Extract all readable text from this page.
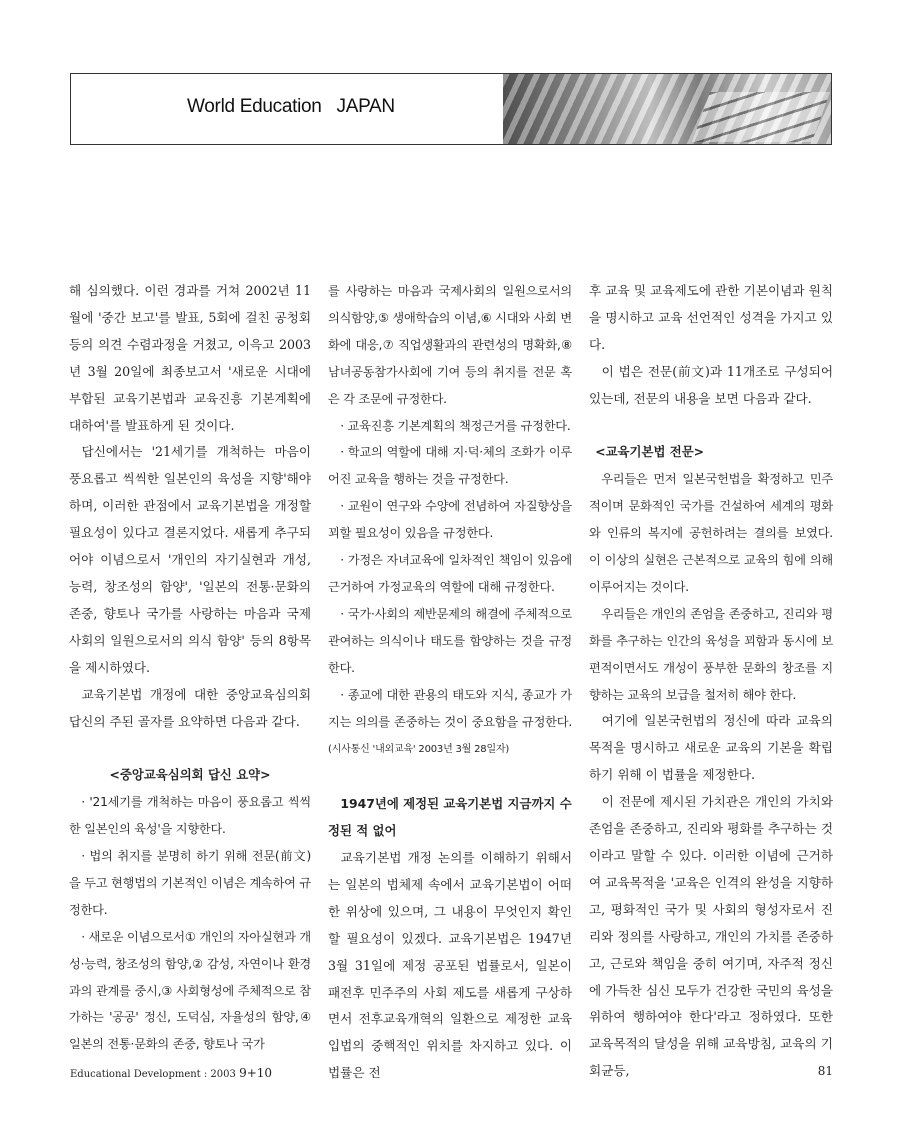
World Education   JAPAN

해 심의했다. 이런 경과를 거쳐 2002년 11월에 '중간 보고'를 발표, 5회에 걸친 공청회 등의 의견 수렴과정을 거쳤고, 이윽고 2003년 3월 20일에 최종보고서 '새로운 시대에 부합된 교육기본법과 교육진흥 기본계획에 대하여'를 발표하게 된 것이다.

답신에서는 '21세기를 개척하는 마음이 풍요롭고 씩씩한 일본인의 육성을 지향'해야 하며, 이러한 관점에서 교육기본법을 개정할 필요성이 있다고 결론지었다. 새롭게 추구되어야 이념으로서 '개인의 자기실현과 개성, 능력, 창조성의 함양', '일본의 전통·문화의 존중, 향토나 국가를 사랑하는 마음과 국제사회의 일원으로서의 의식 함양' 등의 8항목을 제시하였다.

교육기본법 개정에 대한 중앙교육심의회 답신의 주된 골자를 요약하면 다음과 같다.

<중앙교육심의회 답신 요약>

· '21세기를 개척하는 마음이 풍요롭고 씩씩한 일본인의 육성'을 지향한다.

· 법의 취지를 분명히 하기 위해 전문(前文)을 두고 현행법의 기본적인 이념은 계속하여 규정한다.

· 새로운 이념으로서① 개인의 자아실현과 개성·능력, 창조성의 함양,② 감성, 자연이나 환경과의 관계를 중시,③ 사회형성에 주체적으로 참가하는 '공공' 정신, 도덕심, 자율성의 함양,④ 일본의 전통·문화의 존중, 향토나 국가

를 사랑하는 마음과 국제사회의 일원으로서의 의식함양,⑤ 생애학습의 이념,⑥ 시대와 사회 변화에 대응,⑦ 직업생활과의 관련성의 명확화,⑧ 남녀공동참가사회에 기여 등의 취지를 전문 혹은 각 조문에 규정한다.

· 교육진흥 기본계획의 책정근거를 규정한다.

· 학교의 역할에 대해 지·덕·체의 조화가 이루어진 교육을 행하는 것을 규정한다.

· 교원이 연구와 수양에 전념하여 자질향상을 꾀할 필요성이 있음을 규정한다.

· 가정은 자녀교육에 일차적인 책임이 있음에 근거하여 가정교육의 역할에 대해 규정한다.

· 국가·사회의 제반문제의 해결에 주체적으로 관여하는 의식이나 태도를 함양하는 것을 규정한다.

· 종교에 대한 관용의 태도와 지식, 종교가 가지는 의의를 존중하는 것이 중요함을 규정한다.(시사통신 '내외교육' 2003년 3월 28일자)

1947년에 제정된 교육기본법 지금까지 수정된 적 없어

교육기본법 개정 논의를 이해하기 위해서는 일본의 법체제 속에서 교육기본법이 어떠한 위상에 있으며, 그 내용이 무엇인지 확인할 필요성이 있겠다. 교육기본법은 1947년 3월 31일에 제정 공포된 법률로서, 일본이 패전후 민주주의 사회 제도를 새롭게 구상하면서 전후교육개혁의 일환으로 제정한 교육입법의 중핵적인 위치를 차지하고 있다. 이 법률은 전

후 교육 및 교육제도에 관한 기본이념과 원칙을 명시하고 교육 선언적인 성격을 가지고 있다.

이 법은 전문(前文)과 11개조로 구성되어 있는데, 전문의 내용을 보면 다음과 같다.

<교육기본법 전문>

우리들은 먼저 일본국헌법을 확정하고 민주적이며 문화적인 국가를 건설하여 세계의 평화와 인류의 복지에 공헌하려는 결의를 보였다. 이 이상의 실현은 근본적으로 교육의 힘에 의해 이루어지는 것이다.

우리들은 개인의 존엄을 존중하고, 진리와 평화를 추구하는 인간의 육성을 꾀함과 동시에 보편적이면서도 개성이 풍부한 문화의 창조를 지향하는 교육의 보급을 철저히 해야 한다.

여기에 일본국헌법의 정신에 따라 교육의 목적을 명시하고 새로운 교육의 기본을 확립하기 위해 이 법률을 제정한다.

이 전문에 제시된 가치관은 개인의 가치와 존엄을 존중하고, 진리와 평화를 추구하는 것이라고 말할 수 있다. 이러한 이념에 근거하여 교육목적을 '교육은 인격의 완성을 지향하고, 평화적인 국가 및 사회의 형성자로서 진리와 정의를 사랑하고, 개인의 가치를 존중하고, 근로와 책임을 중히 여기며, 자주적 정신에 가득찬 심신 모두가 건강한 국민의 육성을 위하여 행하여야 한다'라고 정하였다. 또한 교육목적의 달성을 위해 교육방침, 교육의 기회균등,

Educational Development : 2003 9+10	81
